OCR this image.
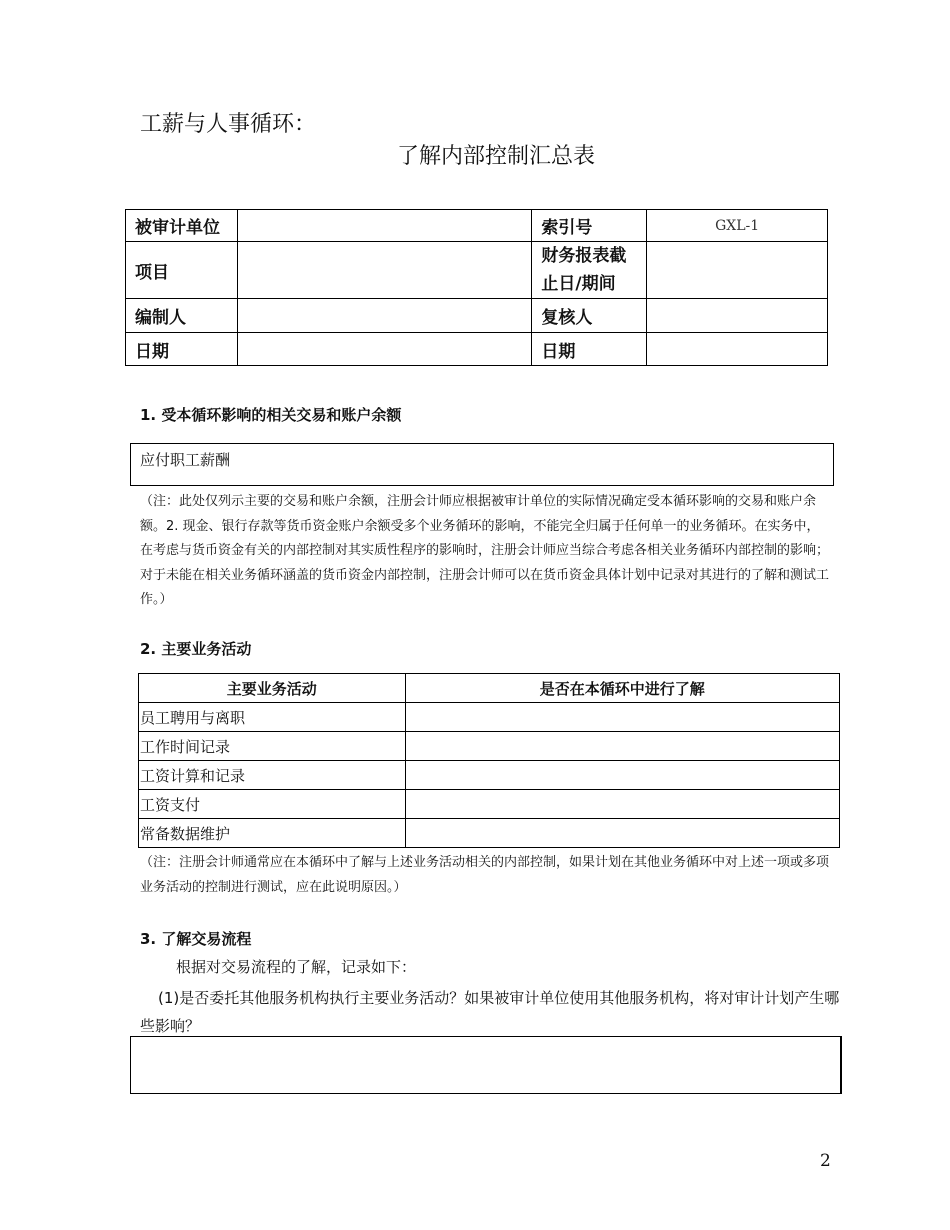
工薪与人事循环：
了解内部控制汇总表
被审计单位		索引号	GXL-1
项目		财务报表截
止日/期间	

编制人		复核人	
日期		日期	
1. 受本循环影响的相关交易和账户余额
应付职工薪酬
（注：此处仅列示主要的交易和账户余额，注册会计师应根据被审计单位的实际情况确定受本循环影响的交易和账户余额。2. 现金、银行存款等货币资金账户余额受多个业务循环的影响，不能完全归属于任何单一的业务循环。在实务中，在考虑与货币资金有关的内部控制对其实质性程序的影响时，注册会计师应当综合考虑各相关业务循环内部控制的影响；对于未能在相关业务循环涵盖的货币资金内部控制，注册会计师可以在货币资金具体计划中记录对其进行的了解和测试工作。）
2. 主要业务活动
主要业务活动	是否在本循环中进行了解
员工聘用与离职	
工作时间记录	
工资计算和记录	
工资支付	
常备数据维护	
（注：注册会计师通常应在本循环中了解与上述业务活动相关的内部控制，如果计划在其他业务循环中对上述一项或多项业务活动的控制进行测试，应在此说明原因。）
3. 了解交易流程
根据对交易流程的了解，记录如下：
(1)是否委托其他服务机构执行主要业务活动？如果被审计单位使用其他服务机构，将对审计计划产生哪些影响？
2
